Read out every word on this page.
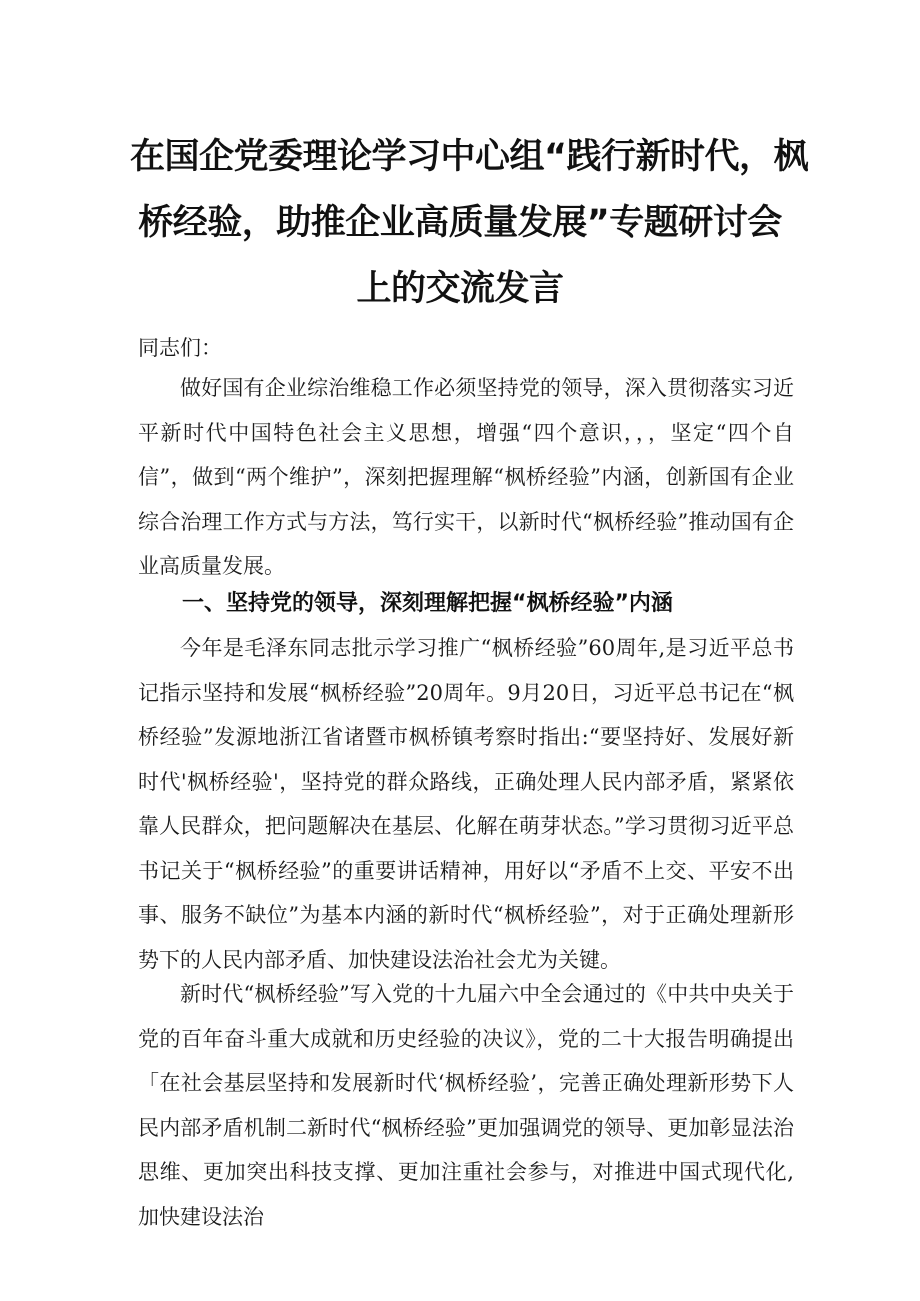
在国企党委理论学习中心组“践行新时代，枫
桥经验，助推企业高质量发展”专题研讨会
上的交流发言

同志们：

做好国有企业综治维稳工作必须坚持党的领导，深入贯彻落实习近平新时代中国特色社会主义思想，增强“四个意识，，，坚定“四个自信”，做到“两个维护”，深刻把握理解“枫桥经验”内涵，创新国有企业综合治理工作方式与方法，笃行实干，以新时代“枫桥经验”推动国有企业高质量发展。

一、坚持党的领导，深刻理解把握“枫桥经验”内涵

今年是毛泽东同志批示学习推广“枫桥经验”60周年,是习近平总书记指示坚持和发展“枫桥经验”20周年。9月20日，习近平总书记在“枫桥经验”发源地浙江省诸暨市枫桥镇考察时指出:“要坚持好、发展好新时代'枫桥经验'，坚持党的群众路线，正确处理人民内部矛盾，紧紧依靠人民群众，把问题解决在基层、化解在萌芽状态。”学习贯彻习近平总书记关于“枫桥经验”的重要讲话精神，用好以“矛盾不上交、平安不出事、服务不缺位”为基本内涵的新时代“枫桥经验”，对于正确处理新形势下的人民内部矛盾、加快建设法治社会尤为关键。

新时代“枫桥经验”写入党的十九届六中全会通过的《中共中央关于党的百年奋斗重大成就和历史经验的决议》，党的二十大报告明确提出「在社会基层坚持和发展新时代‘枫桥经验’，完善正确处理新形势下人民内部矛盾机制二新时代“枫桥经验”更加强调党的领导、更加彰显法治思维、更加突出科技支撑、更加注重社会参与，对推进中国式现代化,加快建设法治
